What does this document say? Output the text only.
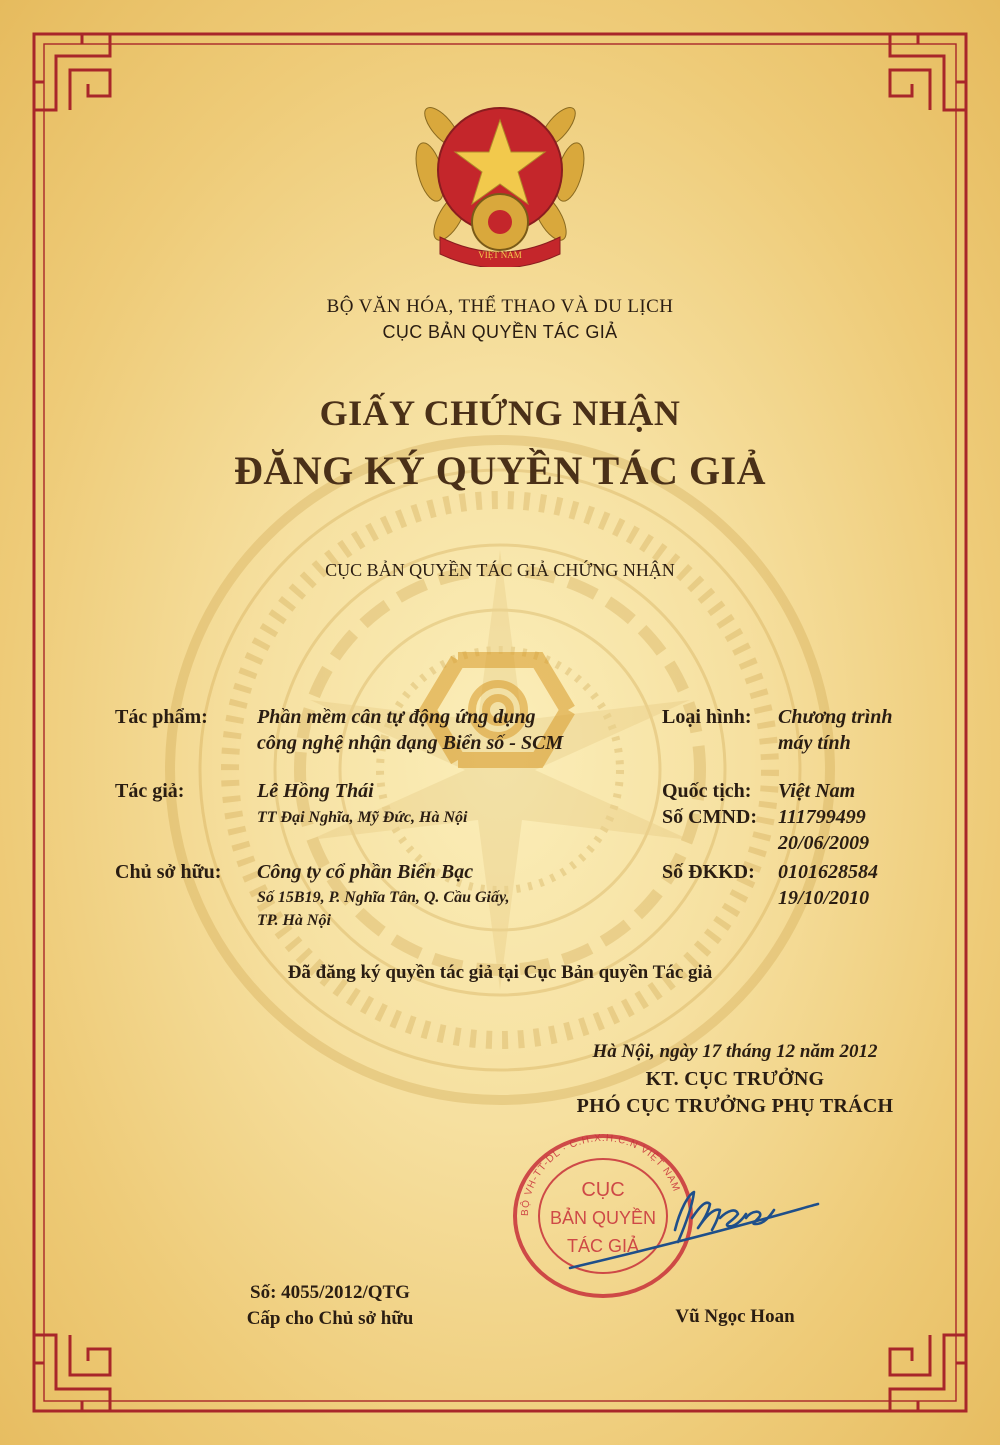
VIỆT NAM
BỘ VĂN HÓA, THỂ THAO VÀ DU LỊCH
CỤC BẢN QUYỀN TÁC GIẢ
GIẤY CHỨNG NHẬN
ĐĂNG KÝ QUYỀN TÁC GIẢ
CỤC BẢN QUYỀN TÁC GIẢ CHỨNG NHẬN
Tác phẩm: Phần mềm cân tự động ứng dụng
công nghệ nhận dạng Biển số - SCM
Tác giả:	Lê Hồng Thái
TT Đại Nghĩa, Mỹ Đức, Hà Nội
Chủ sở hữu: Công ty cổ phần Biển Bạc
Số 15B19, P. Nghĩa Tân, Q. Cầu Giấy,
TP. Hà Nội
Loại hình: Chương trình
máy tính
Quốc tịch: Việt Nam
Số CMND: 111799499
20/06/2009
Số ĐKKD: 0101628584
19/10/2010
Đã đăng ký quyền tác giả tại Cục Bản quyền Tác giả
Hà Nội, ngày 17 tháng 12 năm 2012
KT. CỤC TRƯỞNG
PHÓ CỤC TRƯỞNG PHỤ TRÁCH
BỘ VH-TT-DL · C.H.X.H.C.N VIỆT NAM
CỤC
BẢN QUYỀN
TÁC GIẢ
Vũ Ngọc Hoan
Số: 4055/2012/QTG
Cấp cho Chủ sở hữu
